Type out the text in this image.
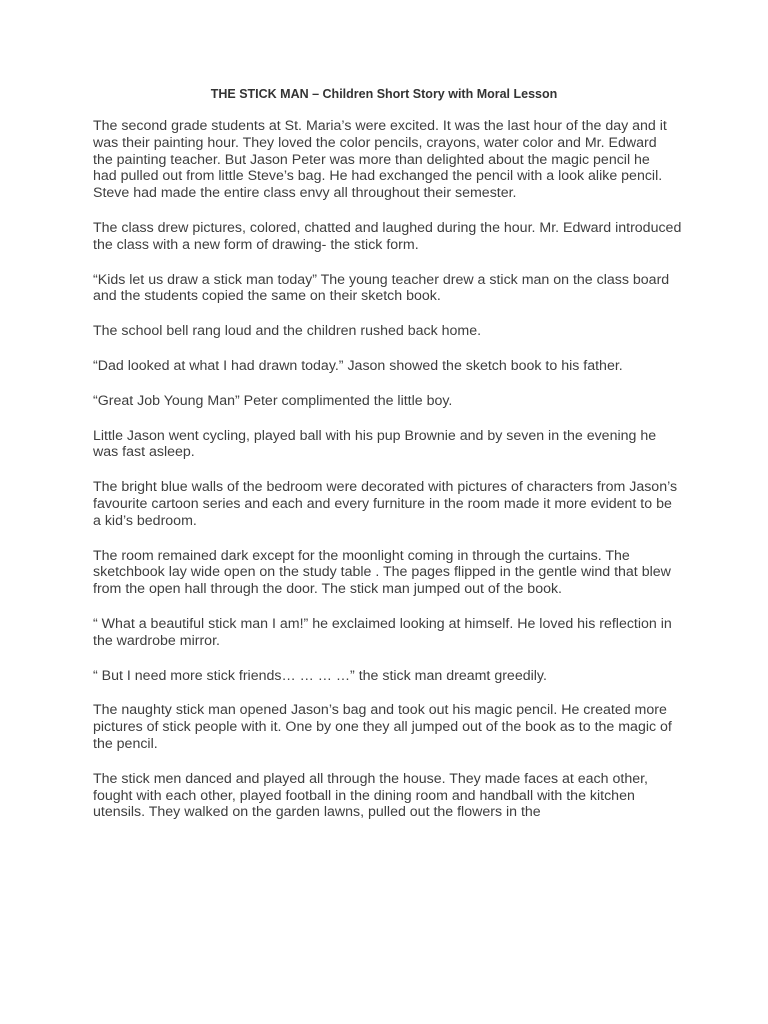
THE STICK MAN – Children Short Story with Moral Lesson

The second grade students at St. Maria’s were excited. It was the last hour of the day and it was their painting hour. They loved the color pencils, crayons, water color and Mr. Edward the painting teacher. But Jason Peter was more than delighted about the magic pencil he had pulled out from little Steve’s bag. He had exchanged the pencil with a look alike pencil. Steve had made the entire class envy all throughout their semester.

The class drew pictures, colored, chatted and laughed during the hour. Mr. Edward introduced the class with a new form of drawing- the stick form.

“Kids let us draw a stick man today” The young teacher drew a stick man on the class board and the students copied the same on their sketch book.

The school bell rang loud and the children rushed back home.

“Dad looked at what I had drawn today.” Jason showed the sketch book to his father.

“Great Job Young Man” Peter complimented the little boy.

Little Jason went cycling, played ball with his pup Brownie and by seven in the evening he was fast asleep.

The bright blue walls of the bedroom were decorated with pictures of characters from Jason’s favourite cartoon series and each and every furniture in the room made it more evident to be a kid’s bedroom.

The room remained dark except for the moonlight coming in through the curtains. The sketchbook lay wide open on the study table . The pages flipped in the gentle wind that blew from the open hall through the door. The stick man jumped out of the book.

“ What a beautiful stick man I am!” he exclaimed looking at himself. He loved his reflection in the wardrobe mirror.

“ But I need more stick friends… … … …” the stick man dreamt greedily.

The naughty stick man opened Jason’s bag and took out his magic pencil. He created more pictures of stick people with it. One by one they all jumped out of the book as to the magic of the pencil.

The stick men danced and played all through the house. They made faces at each other, fought with each other, played football in the dining room and handball with the kitchen utensils. They walked on the garden lawns, pulled out the flowers in the
